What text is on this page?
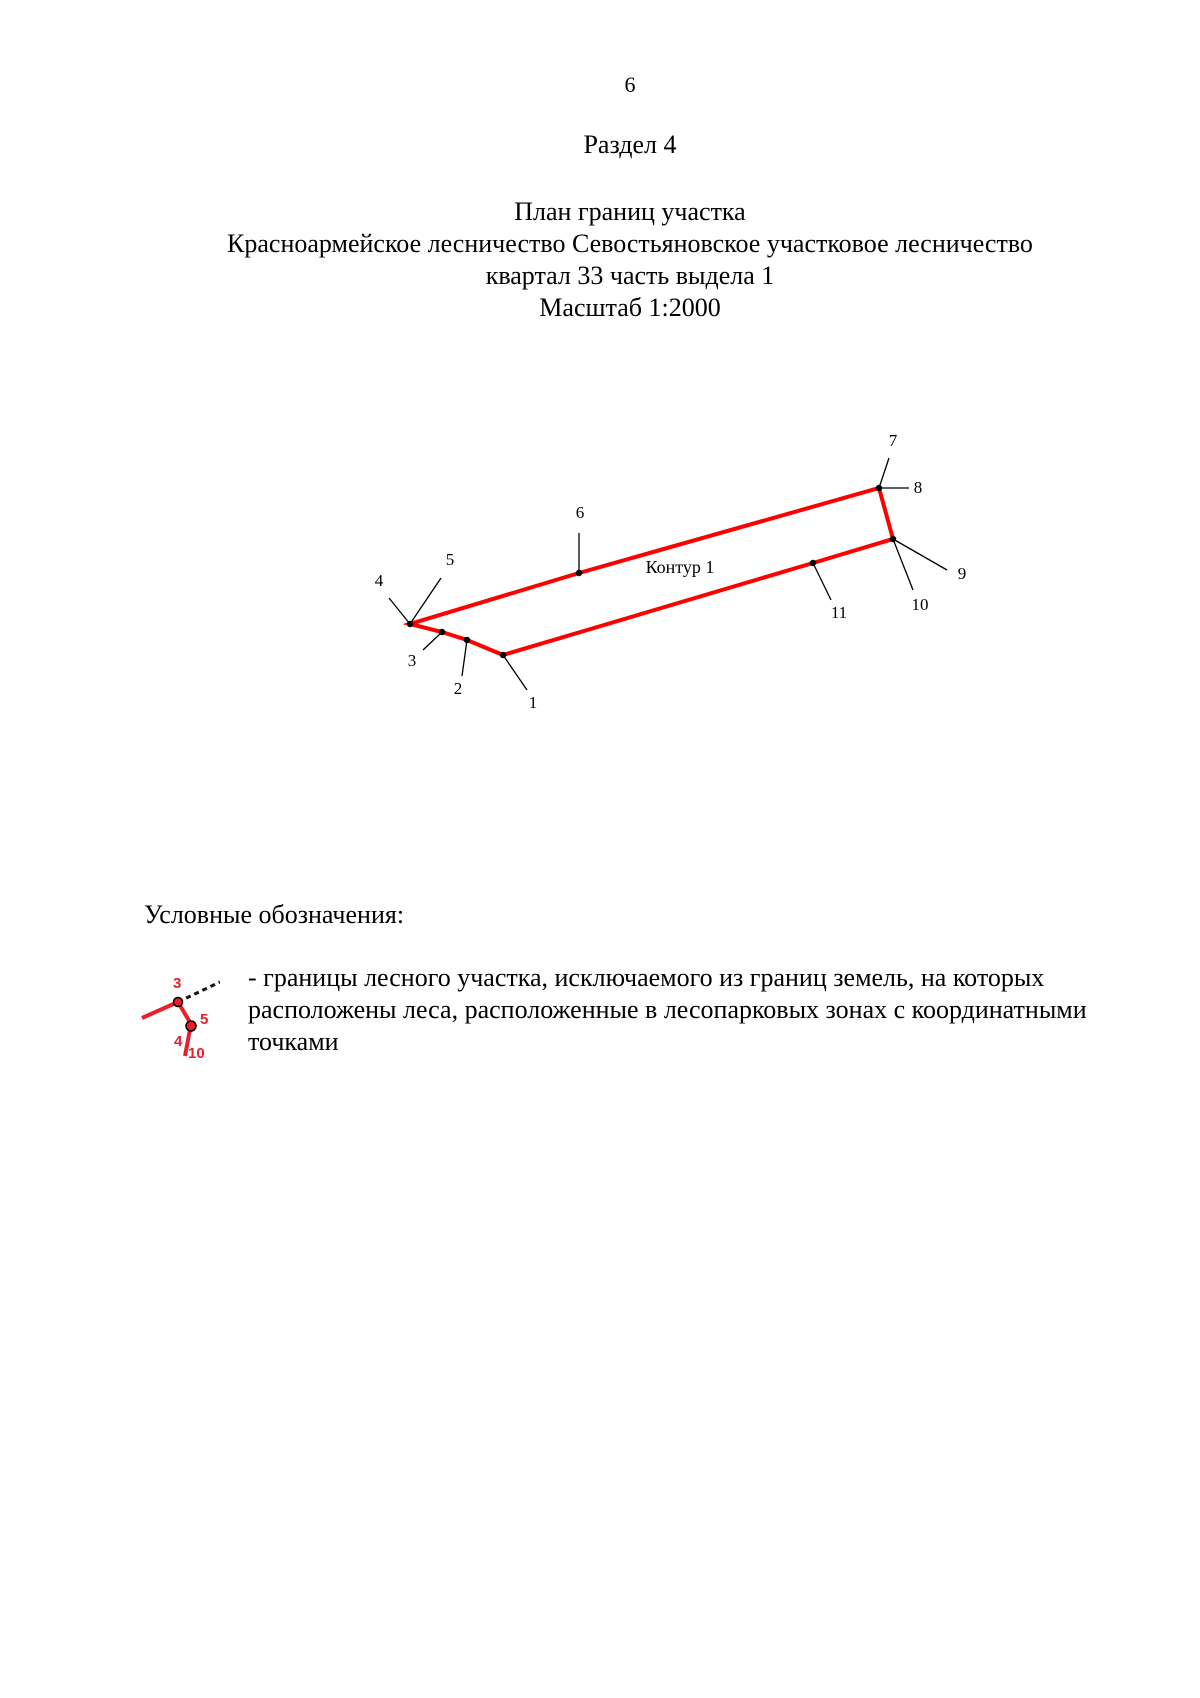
6
Раздел 4
План границ участка
Красноармейское лесничество Севостьяновское участковое лесничество
квартал 33 часть выдела 1
Масштаб 1:2000
1
2
3
4
5
6
7
8
9
10
11
Контур 1
Условные обозначения:
3
5
4
10
- границы лесного участка, исключаемого из границ земель, на которых расположены леса, расположенные в лесопарковых зонах с координатными точками
